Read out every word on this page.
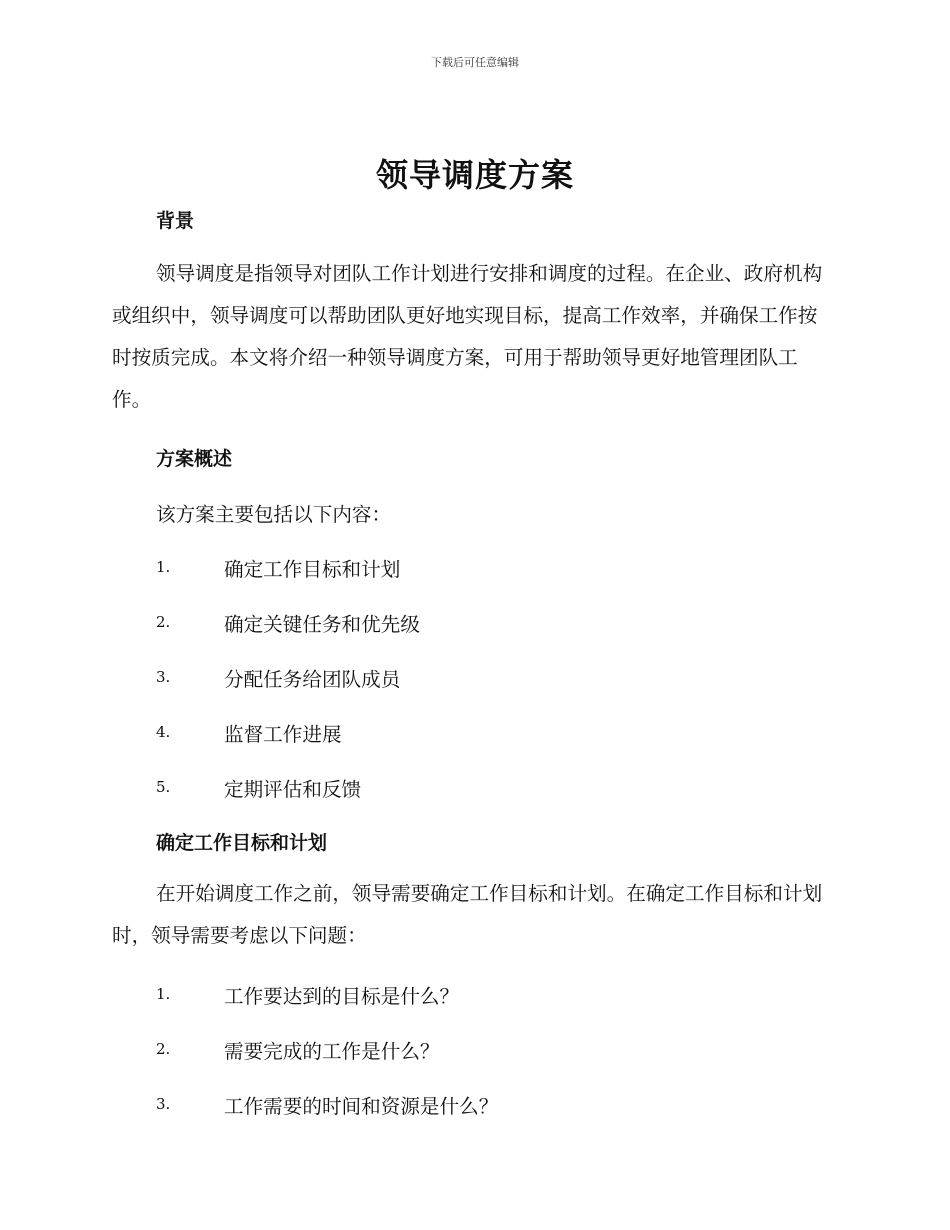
下载后可任意编辑
领导调度方案
背景

领导调度是指领导对团队工作计划进行安排和调度的过程。在企业、政府机构或组织中，领导调度可以帮助团队更好地实现目标，提高工作效率，并确保工作按时按质完成。本文将介绍一种领导调度方案，可用于帮助领导更好地管理团队工作。

方案概述
该方案主要包括以下内容：
1.	确定工作目标和计划
2.	确定关键任务和优先级
3.	分配任务给团队成员
4.	监督工作进展
5.	定期评估和反馈
确定工作目标和计划

在开始调度工作之前，领导需要确定工作目标和计划。在确定工作目标和计划时，领导需要考虑以下问题：

1.	工作要达到的目标是什么？
2.	需要完成的工作是什么？
3.	工作需要的时间和资源是什么？
